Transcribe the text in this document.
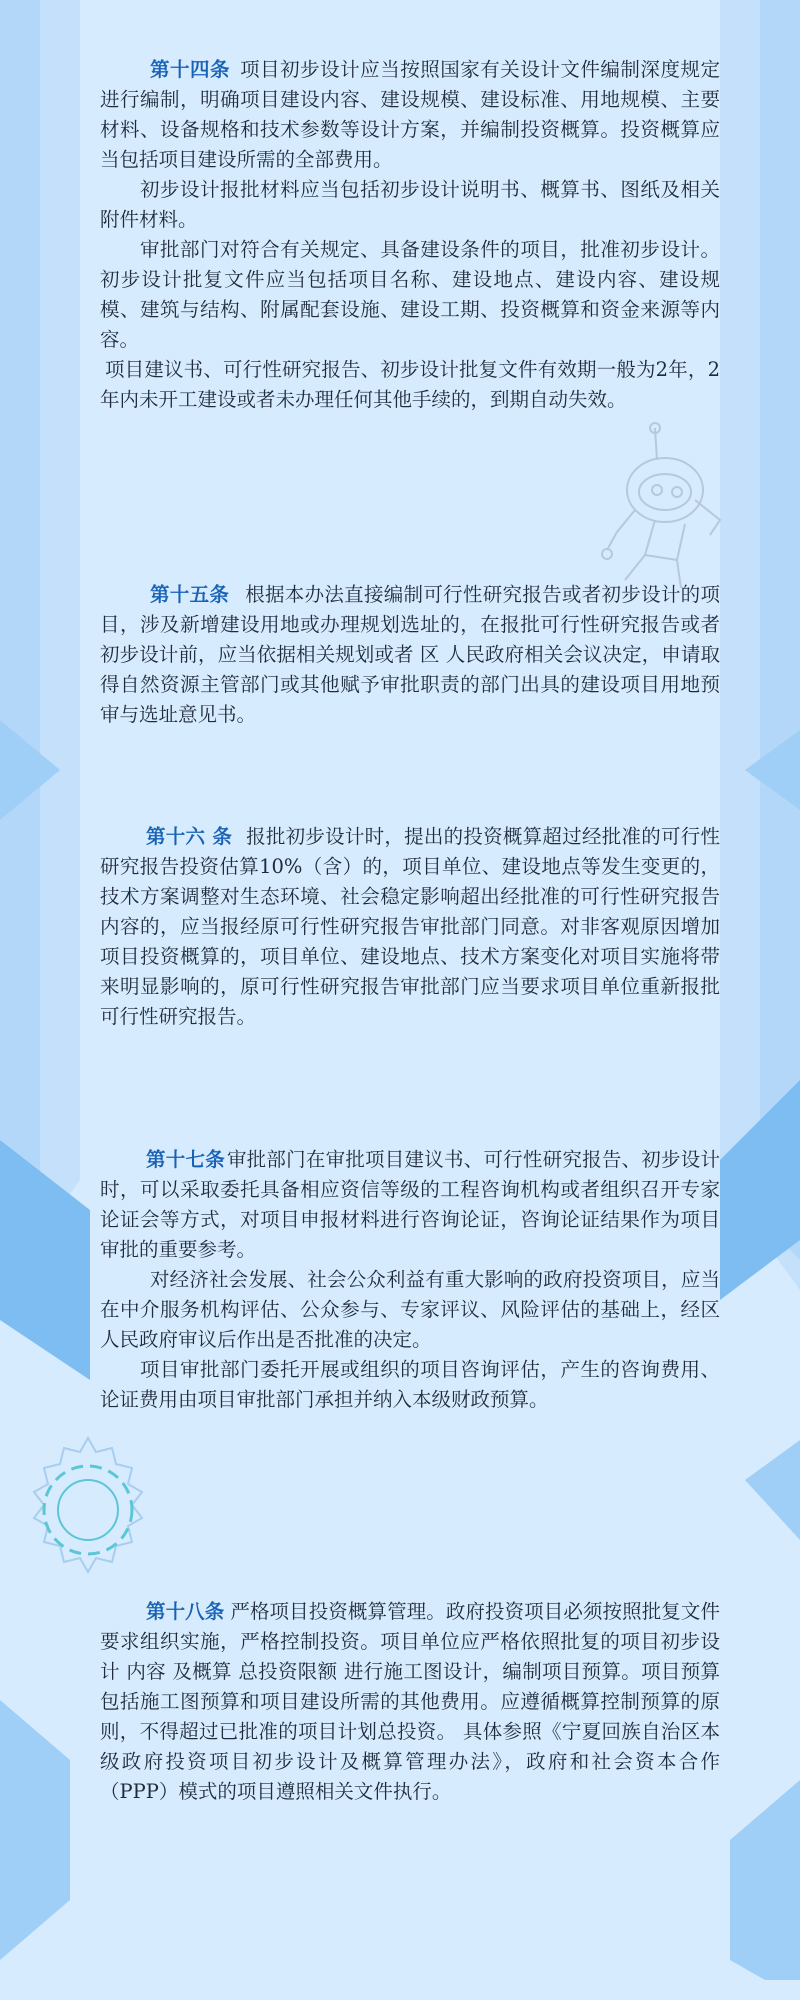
第十四条 项目初步设计应当按照国家有关设计文件编制深度规定进行编制，明确项目建设内容、建设规模、建设标准、用地规模、主要材料、设备规格和技术参数等设计方案，并编制投资概算。投资概算应当包括项目建设所需的全部费用。

初步设计报批材料应当包括初步设计说明书、概算书、图纸及相关附件材料。

审批部门对符合有关规定、具备建设条件的项目，批准初步设计。初步设计批复文件应当包括项目名称、建设地点、建设内容、建设规模、建筑与结构、附属配套设施、建设工期、投资概算和资金来源等内容。

项目建议书、可行性研究报告、初步设计批复文件有效期一般为2年，2年内未开工建设或者未办理任何其他手续的，到期自动失效。

第十五条 根据本办法直接编制可行性研究报告或者初步设计的项目，涉及新增建设用地或办理规划选址的，在报批可行性研究报告或者初步设计前，应当依据相关规划或者 区 人民政府相关会议决定，申请取得自然资源主管部门或其他赋予审批职责的部门出具的建设项目用地预审与选址意见书。

第十六 条 报批初步设计时，提出的投资概算超过经批准的可行性研究报告投资估算10%（含）的，项目单位、建设地点等发生变更的，技术方案调整对生态环境、社会稳定影响超出经批准的可行性研究报告内容的，应当报经原可行性研究报告审批部门同意。对非客观原因增加项目投资概算的，项目单位、建设地点、技术方案变化对项目实施将带来明显影响的，原可行性研究报告审批部门应当要求项目单位重新报批可行性研究报告。

第十七条 审批部门在审批项目建议书、可行性研究报告、初步设计时，可以采取委托具备相应资信等级的工程咨询机构或者组织召开专家论证会等方式，对项目申报材料进行咨询论证，咨询论证结果作为项目审批的重要参考。

对经济社会发展、社会公众利益有重大影响的政府投资项目，应当在中介服务机构评估、公众参与、专家评议、风险评估的基础上，经区人民政府审议后作出是否批准的决定。

项目审批部门委托开展或组织的项目咨询评估，产生的咨询费用、论证费用由项目审批部门承担并纳入本级财政预算。

第十八条 严格项目投资概算管理。政府投资项目必须按照批复文件要求组织实施，严格控制投资。项目单位应严格依照批复的项目初步设计 内容 及概算 总投资限额 进行施工图设计，编制项目预算。项目预算包括施工图预算和项目建设所需的其他费用。应遵循概算控制预算的原则，不得超过已批准的项目计划总投资。 具体参照《宁夏回族自治区本级政府投资项目初步设计及概算管理办法》，政府和社会资本合作（PPP）模式的项目遵照相关文件执行。
